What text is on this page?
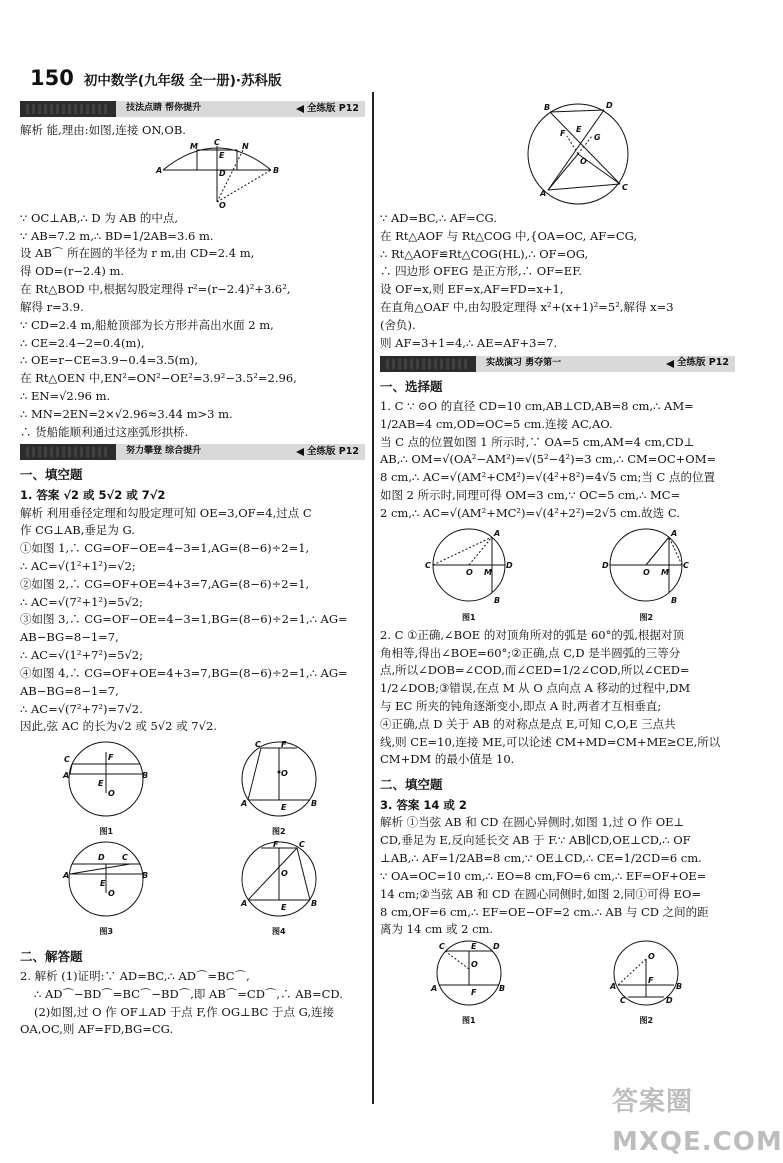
150 初中数学(九年级 全一册)·苏科版
技法点睛 帮你提升	全练版 P12
解析 能,理由:如图,连接 ON,OB.
A	B
M	N
C
E
D
O
∵ OC⊥AB,∴ D 为 AB 的中点,
∵ AB=7.2 m,∴ BD=1/2AB=3.6 m.
设 AB⌒ 所在圆的半径为 r m,由 CD=2.4 m,
得 OD=(r−2.4) m.
在 Rt△BOD 中,根据勾股定理得 r²=(r−2.4)²+3.6²,
解得 r=3.9.
∵ CD=2.4 m,船舱顶部为长方形并高出水面 2 m,
∴ CE=2.4−2=0.4(m),
∴ OE=r−CE=3.9−0.4=3.5(m),
在 Rt△OEN 中,EN²=ON²−OE²=3.9²−3.5²=2.96,
∴ EN=√2.96 m.
∴ MN=2EN=2×√2.96≈3.44 m>3 m.
∴ 货船能顺利通过这座弧形拱桥.
努力攀登 综合提升	全练版 P12
一、填空题
1. 答案 √2 或 5√2 或 7√2
解析 利用垂径定理和勾股定理可知 OE=3,OF=4,过点 C
作 CG⊥AB,垂足为 G.
①如图 1,∴ CG=OF−OE=4−3=1,AG=(8−6)÷2=1,
∴ AC=√(1²+1²)=√2;
②如图 2,∴ CG=OF+OE=4+3=7,AG=(8−6)÷2=1,
∴ AC=√(7²+1²)=5√2;
③如图 3,∴ CG=OF−OE=4−3=1,BG=(8−6)÷2=1,∴ AG=
AB−BG=8−1=7,
∴ AC=√(1²+7²)=5√2;
④如图 4,∴ CG=OF+OE=4+3=7,BG=(8−6)÷2=1,∴ AG=
AB−BG=8−1=7,
∴ AC=√(7²+7²)=7√2.
因此,弦 AC 的长为√2 或 5√2 或 7√2.
C
A	B
F
E
O
图1
C	F
A	B
E
O
图2
C
A	B
D
E
O
图3
C
F
A	B
E
O
图4
二、解答题
2. 解析 (1)证明:∵ AD=BC,∴ AD⌒=BC⌒,
∴ AD⌒−BD⌒=BC⌒−BD⌒,即 AB⌒=CD⌒,∴ AB=CD.
(2)如图,过 O 作 OF⊥AD 于点 F,作 OG⊥BC 于点 G,连接
OA,OC,则 AF=FD,BG=CG.
B	D
A
C
F	G
E
O
∵ AD=BC,∴ AF=CG.
在 Rt△AOF 与 Rt△COG 中,{OA=OC, AF=CG,
∴ Rt△AOF≌Rt△COG(HL),∴ OF=OG,
∴ 四边形 OFEG 是正方形,∴ OF=EF.
设 OF=x,则 EF=x,AF=FD=x+1,
在直角△OAF 中,由勾股定理得 x²+(x+1)²=5²,解得 x=3
(舍负).
则 AF=3+1=4,∴ AE=AF+3=7.
实战演习 勇夺第一	全练版 P12
一、选择题
1. C ∵ ⊙O 的直径 CD=10 cm,AB⊥CD,AB=8 cm,∴ AM=
1/2AB=4 cm,OD=OC=5 cm.连接 AC,AO.
当 C 点的位置如图 1 所示时,∵ OA=5 cm,AM=4 cm,CD⊥
AB,∴ OM=√(OA²−AM²)=√(5²−4²)=3 cm,∴ CM=OC+OM=
8 cm,∴ AC=√(AM²+CM²)=√(4²+8²)=4√5 cm;当 C 点的位置
如图 2 所示时,同理可得 OM=3 cm,∵ OC=5 cm,∴ MC=
2 cm,∴ AC=√(AM²+MC²)=√(4²+2²)=2√5 cm.故选 C.
C
A
B
O M
D
图1
D
A
B
O M
C
图2
2. C ①正确,∠BOE 的对顶角所对的弧是 60°的弧,根据对顶
角相等,得出∠BOE=60°;②正确,点 C,D 是半圆弧的三等分
点,所以∠DOB=∠COD,而∠CED=1/2∠COD,所以∠CED=
1/2∠DOB;③错误,在点 M 从 O 点向点 A 移动的过程中,DM
与 EC 所夹的钝角逐渐变小,即点 A 时,两者才互相垂直;
④正确,点 D 关于 AB 的对称点是点 E,可知 C,O,E 三点共
线,则 CE=10,连接 ME,可以论述 CM+MD=CM+ME≥CE,所以
CM+DM 的最小值是 10.
二、填空题
3. 答案 14 或 2
解析 ①当弦 AB 和 CD 在圆心异侧时,如图 1,过 O 作 OE⊥
CD,垂足为 E,反向延长交 AB 于 F.∵ AB∥CD,OE⊥CD,∴ OF
⊥AB,∴ AF=1/2AB=8 cm,∵ OE⊥CD,∴ CE=1/2CD=6 cm.
∵ OA=OC=10 cm,∴ EO=8 cm,FO=6 cm,∴ EF=OF+OE=
14 cm;②当弦 AB 和 CD 在圆心同侧时,如图 2,同①可得 EO=
8 cm,OF=6 cm,∴ EF=OE−OF=2 cm.∴ AB 与 CD 之间的距
离为 14 cm 或 2 cm.
C	D
A	B
O
F
E
图1
O
A	B
C	D
F
图2
答案圈
MXQE.COM
